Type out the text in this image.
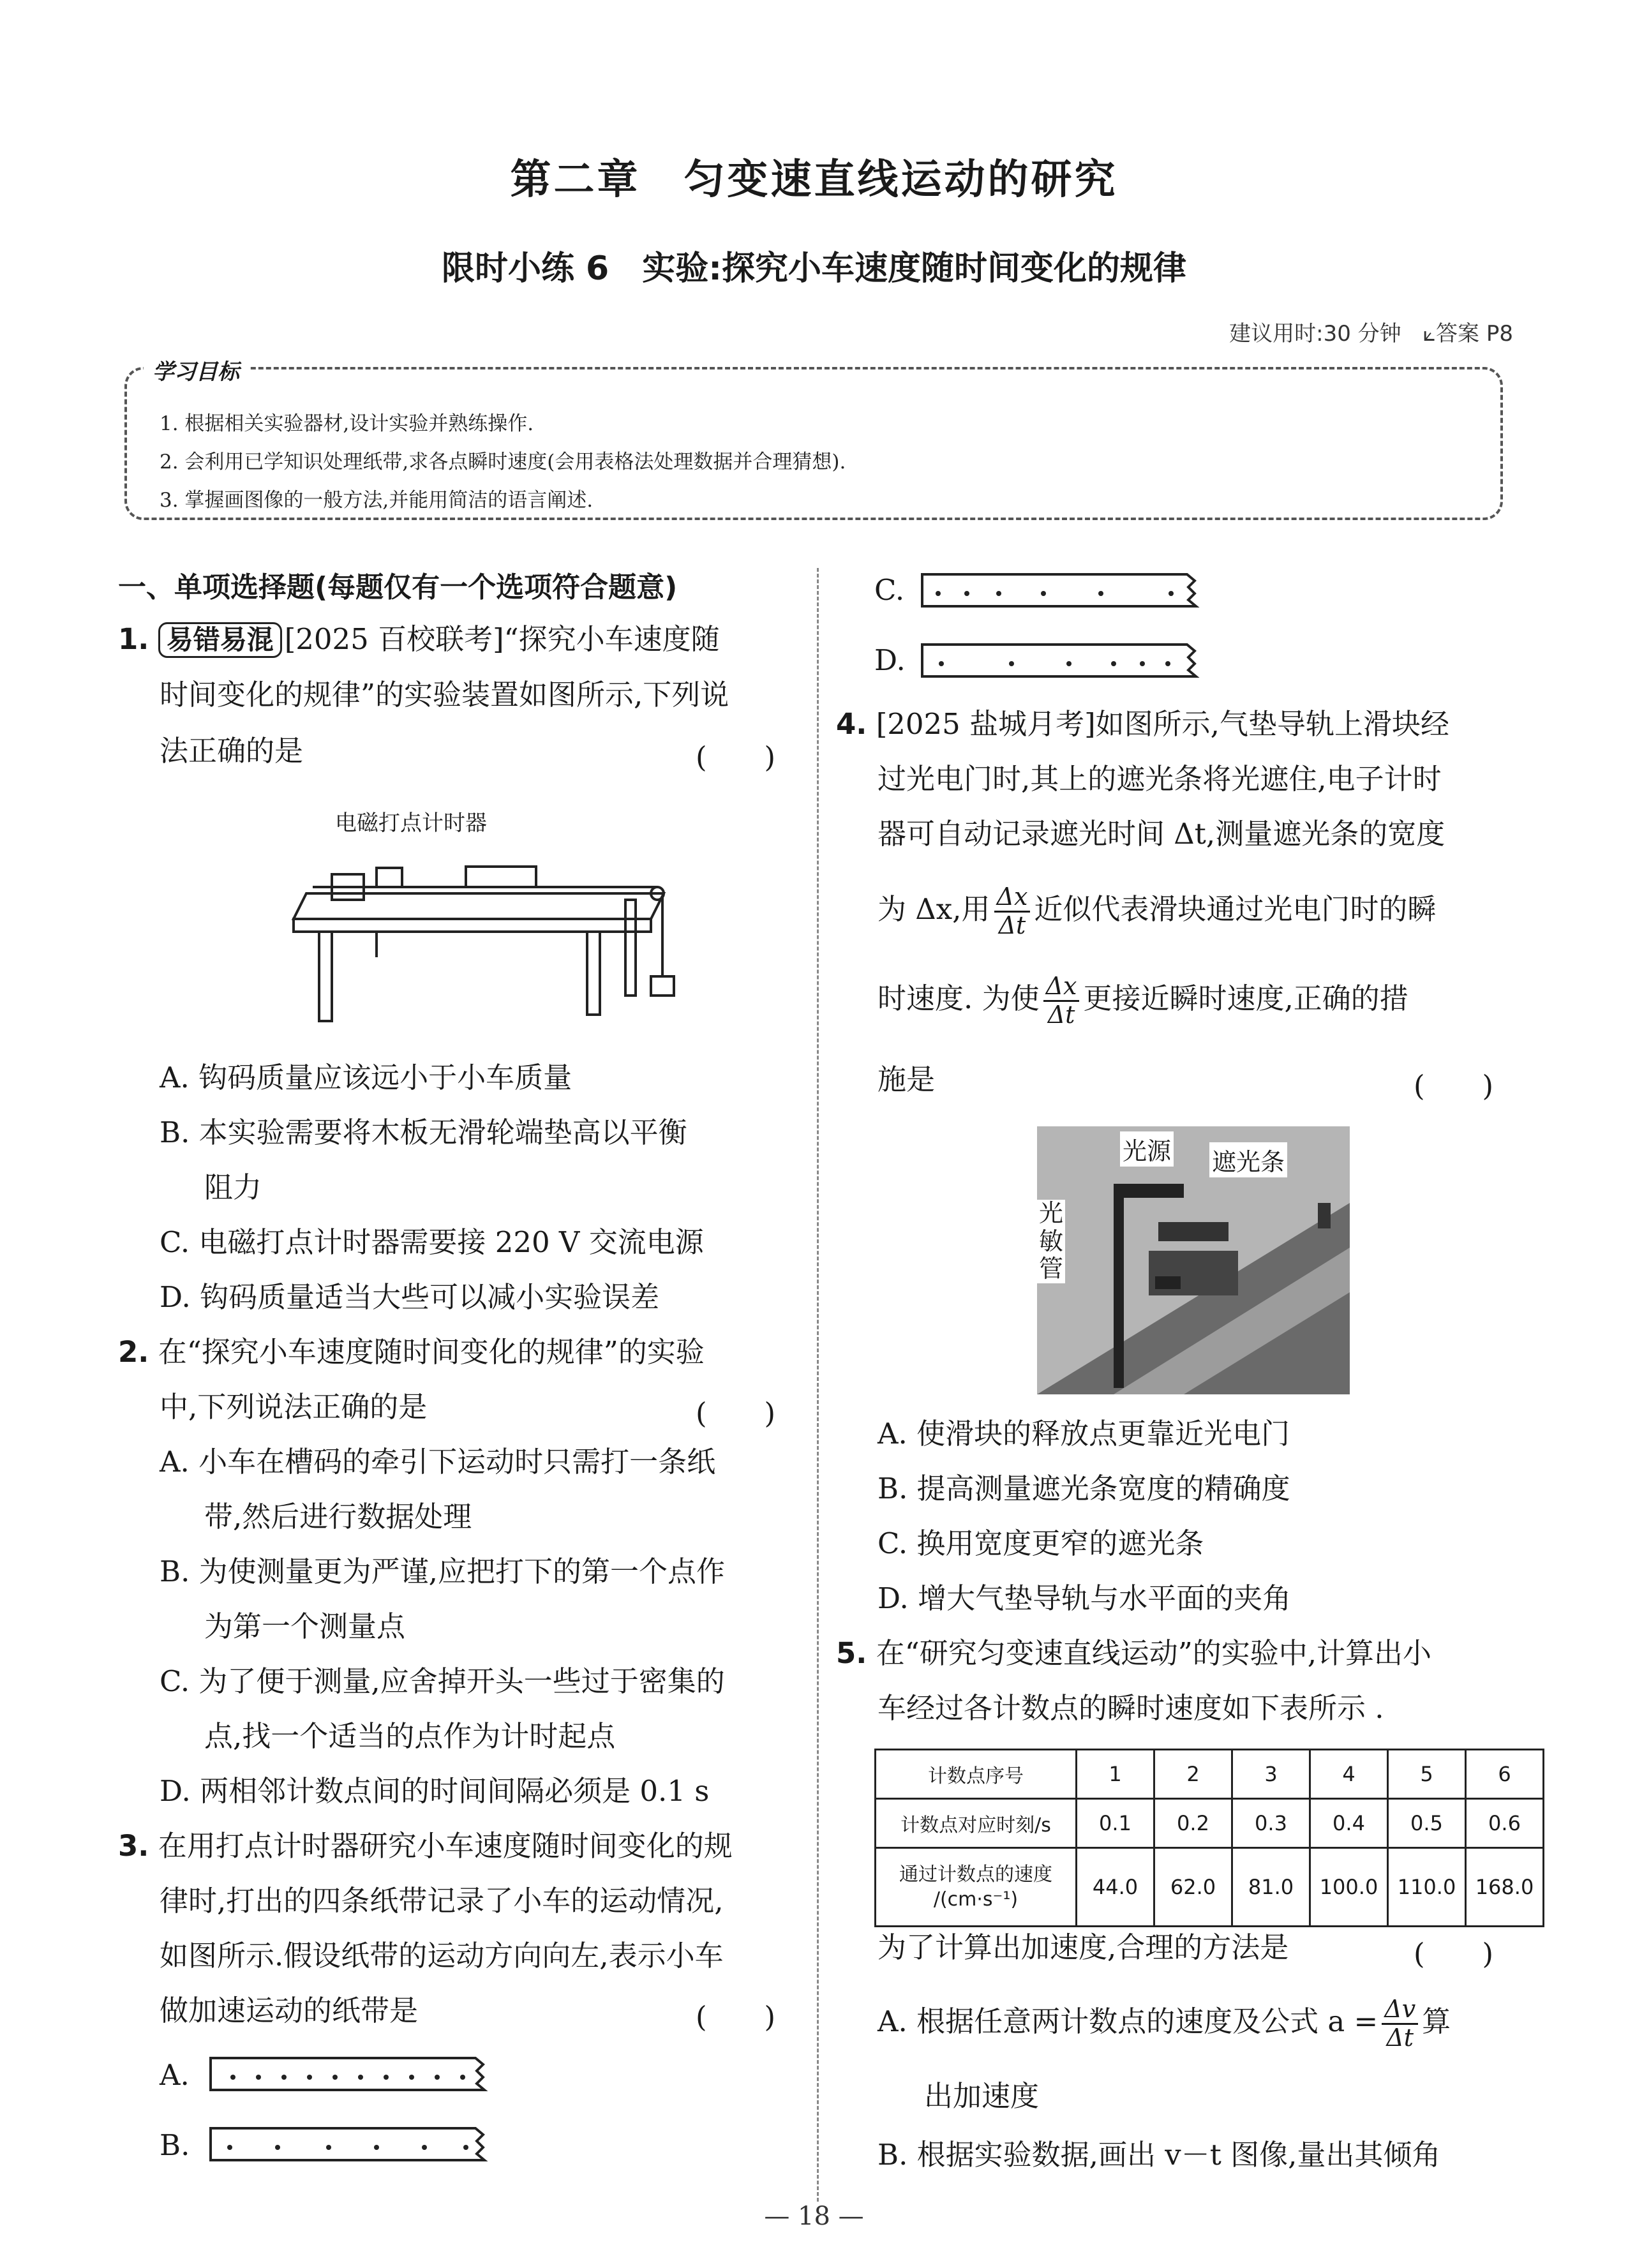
第二章　匀变速直线运动的研究
限时小练 6　实验:探究小车速度随时间变化的规律
建议用时:30 分钟　⟀答案 P8
学习目标
1. 根据相关实验器材,设计实验并熟练操作.
2. 会利用已学知识处理纸带,求各点瞬时速度(会用表格法处理数据并合理猜想).
3. 掌握画图像的一般方法,并能用简洁的语言阐述.
一、单项选择题(每题仅有一个选项符合题意)
1. 易错易混 [2025 百校联考]“探究小车速度随
时间变化的规律”的实验装置如图所示,下列说
法正确的是	(　　)
电磁打点计时器
A. 钩码质量应该远小于小车质量
B. 本实验需要将木板无滑轮端垫高以平衡
阻力
C. 电磁打点计时器需要接 220 V 交流电源
D. 钩码质量适当大些可以减小实验误差
2. 在“探究小车速度随时间变化的规律”的实验
中,下列说法正确的是	(　　)
A. 小车在槽码的牵引下运动时只需打一条纸
带,然后进行数据处理
B. 为使测量更为严谨,应把打下的第一个点作
为第一个测量点
C. 为了便于测量,应舍掉开头一些过于密集的
点,找一个适当的点作为计时起点
D. 两相邻计数点间的时间间隔必须是 0.1 s
3. 在用打点计时器研究小车速度随时间变化的规
律时,打出的四条纸带记录了小车的运动情况,
如图所示.假设纸带的运动方向向左,表示小车
做加速运动的纸带是	(　　)
A.
B.
C.
D.
4. [2025 盐城月考]如图所示,气垫导轨上滑块经
过光电门时,其上的遮光条将光遮住,电子计时
器可自动记录遮光时间 Δt,测量遮光条的宽度
为 Δx,用 $\frac{\Delta x}{\Delta t}$ 近似代表滑块通过光电门时的瞬
时速度. 为使 $\frac{\Delta x}{\Delta t}$ 更接近瞬时速度,正确的措
施是	(　　)
光源 遮光条
光敏管
A. 使滑块的释放点更靠近光电门
B. 提高测量遮光条宽度的精确度
C. 换用宽度更窄的遮光条
D. 增大气垫导轨与水平面的夹角
5. 在“研究匀变速直线运动”的实验中,计算出小
车经过各计数点的瞬时速度如下表所示 .
计数点序号	1	2	3	4	5	6
计数点对应时刻/s	0.1	0.2	0.3	0.4	0.5	0.6
通过计数点的速度
/(cm·s⁻¹)	44.0	62.0	81.0	100.0	110.0	168.0
为了计算出加速度,合理的方法是	(　　)
A. 根据任意两计数点的速度及公式 $a = \frac{\Delta v}{\Delta t}$ 算
出加速度
B. 根据实验数据,画出 v－t 图像,量出其倾角
— 18 —
